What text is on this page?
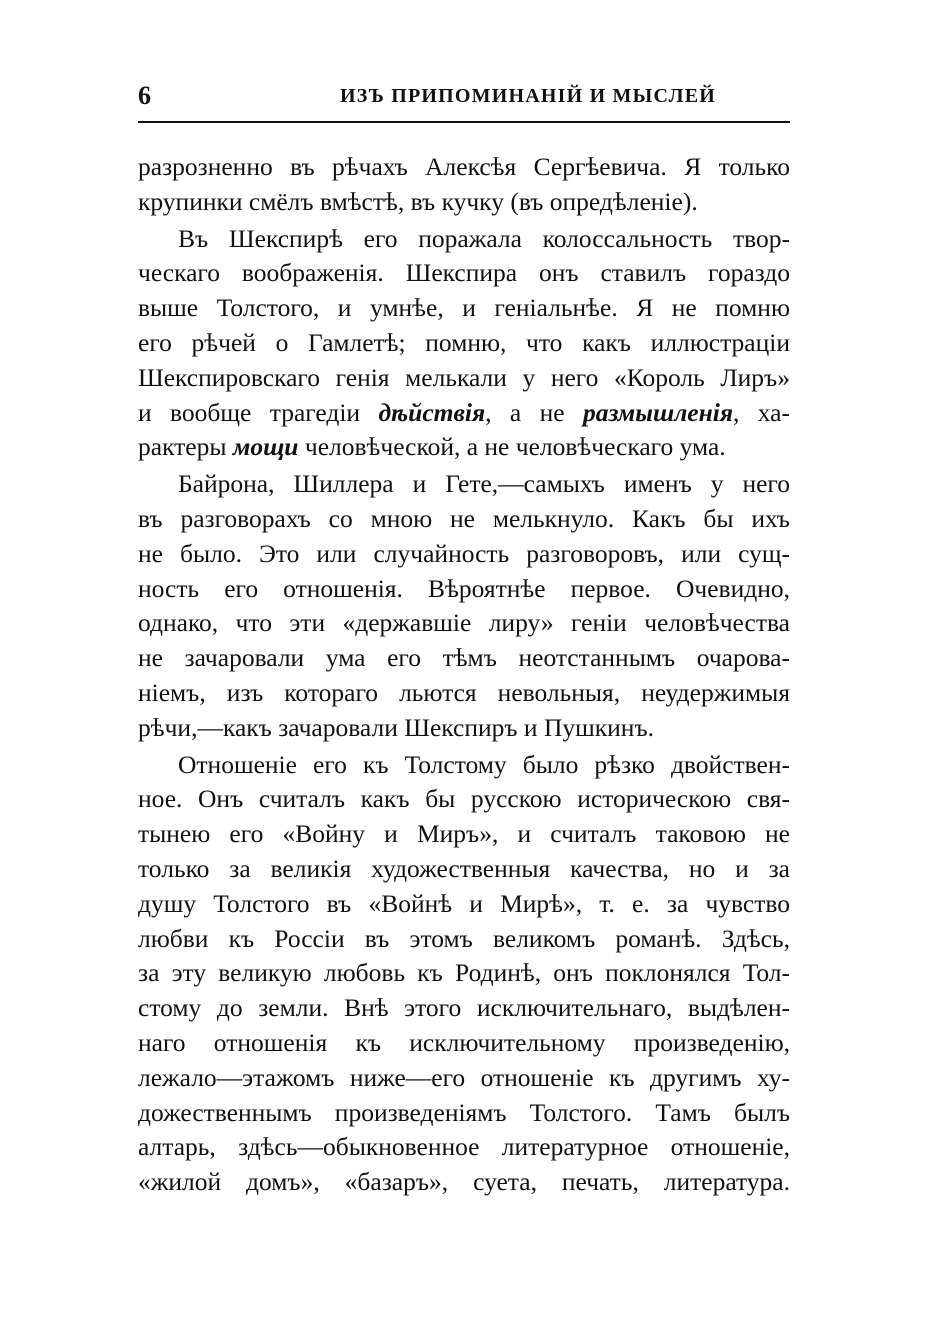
6	ИЗЪ ПРИПОМИНАНІЙ И МЫСЛЕЙ
разрозненно въ рѣчахъ Алексѣя Сергѣевича. Я только
крупинки смёлъ вмѣстѣ, въ кучку (въ опредѣленіе).
Въ Шекспирѣ его поражала колоссальность твор-
ческаго воображенія. Шекспира онъ ставилъ гораздо
выше Толстого, и умнѣе, и геніальнѣе. Я не помню
его рѣчей о Гамлетѣ; помню, что какъ иллюстраціи
Шекспировскаго генія мелькали у него «Король Лиръ»
и вообще трагедіи дѣйствія, а не размышленія, ха-
рактеры мощи человѣческой, а не человѣческаго ума.
Байрона, Шиллера и Гете,—самыхъ именъ у него
въ разговорахъ со мною не мелькнуло. Какъ бы ихъ
не было. Это или случайность разговоровъ, или сущ-
ность его отношенія. Вѣроятнѣе первое. Очевидно,
однако, что эти «державшіе лиру» геніи человѣчества
не зачаровали ума его тѣмъ неотстаннымъ очарова-
ніемъ, изъ котораго льются невольныя, неудержимыя
рѣчи,—какъ зачаровали Шекспиръ и Пушкинъ.
Отношеніе его къ Толстому было рѣзко двойствен-
ное. Онъ считалъ какъ бы русскою историческою свя-
тынею его «Войну и Миръ», и считалъ таковою не
только за великія художественныя качества, но и за
душу Толстого въ «Войнѣ и Мирѣ», т. е. за чувство
любви къ Россіи въ этомъ великомъ романѣ. Здѣсь,
за эту великую любовь къ Родинѣ, онъ поклонялся Тол-
стому до земли. Внѣ этого исключительнаго, выдѣлен-
наго отношенія къ исключительному произведенію,
лежало—этажомъ ниже—его отношеніе къ другимъ ху-
дожественнымъ произведеніямъ Толстого. Тамъ былъ
алтарь, здѣсь—обыкновенное литературное отношеніе,
«жилой домъ», «базаръ», суета, печать, литература.
